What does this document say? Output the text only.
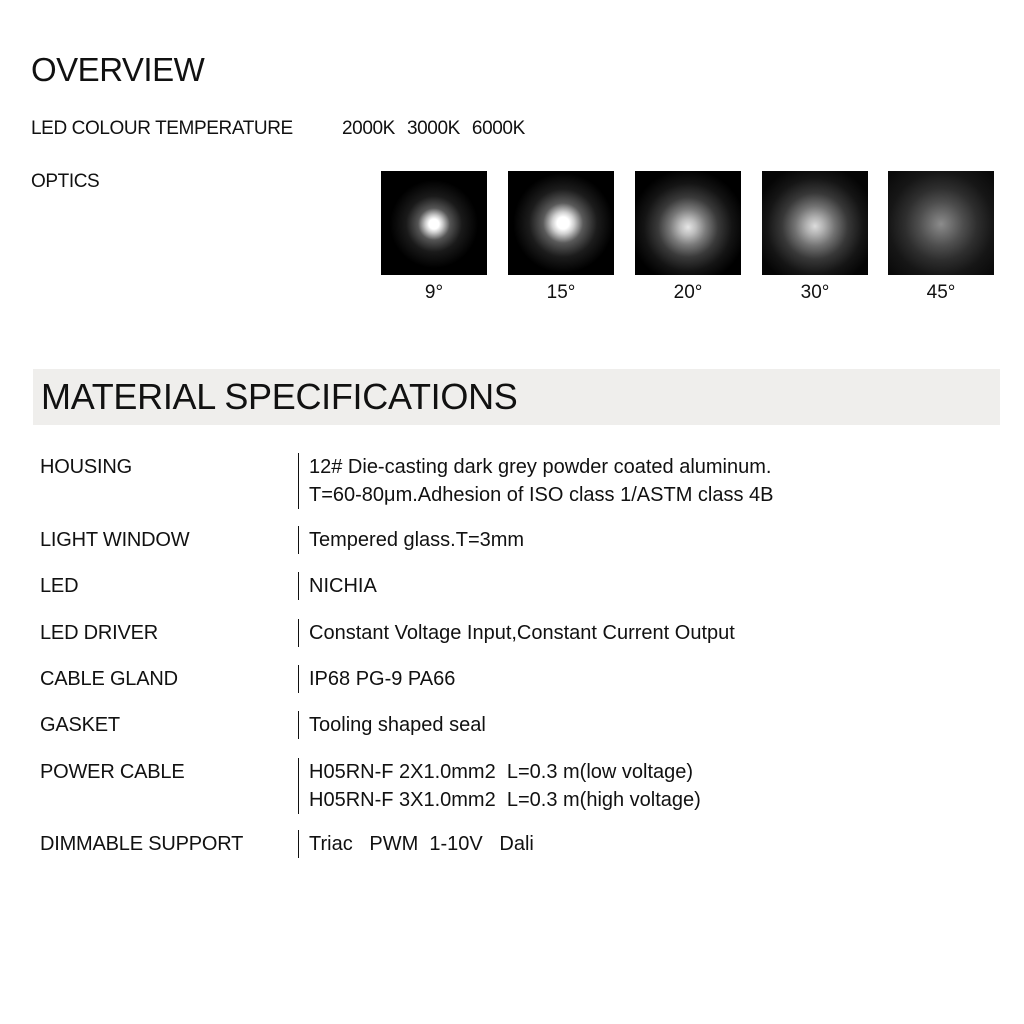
OVERVIEW
LED COLOUR TEMPERATURE	2000K 3000K 6000K
OPTICS
9°	15°	20°	30°	45°
MATERIAL SPECIFICATIONS
HOUSING	12# Die-casting dark grey powder coated aluminum.
T=60-80μm.Adhesion of ISO class 1/ASTM class 4B
LIGHT WINDOW	Tempered glass.T=3mm
LED	NICHIA
LED DRIVER	Constant Voltage Input,Constant Current Output
CABLE GLAND	IP68 PG-9 PA66
GASKET	Tooling shaped seal
POWER CABLE	H05RN-F 2X1.0mm2  L=0.3 m(low voltage)
H05RN-F 3X1.0mm2  L=0.3 m(high voltage)
DIMMABLE SUPPORT	Triac   PWM  1-10V   Dali
